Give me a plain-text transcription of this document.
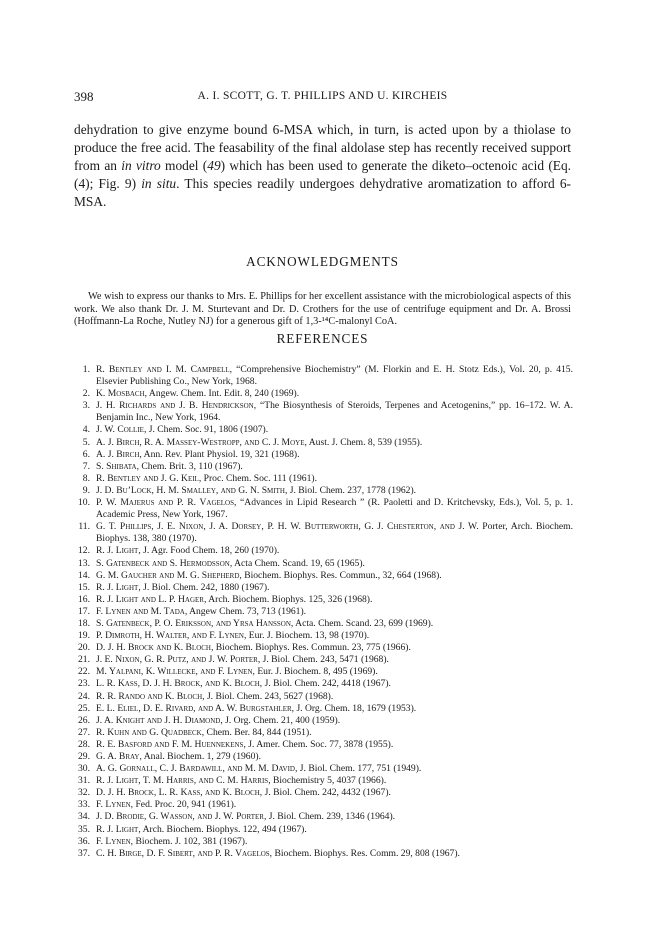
398	A. I. SCOTT, G. T. PHILLIPS AND U. KIRCHEIS

dehydration to give enzyme bound 6-MSA which, in turn, is acted upon by a thiolase to produce the free acid. The feasability of the final aldolase step has recently received support from an in vitro model (49) which has been used to generate the diketo–octenoic acid (Eq. (4); Fig. 9) in situ. This species readily undergoes dehydrative aromatization to afford 6-MSA.

ACKNOWLEDGMENTS

We wish to express our thanks to Mrs. E. Phillips for her excellent assistance with the microbiological aspects of this work. We also thank Dr. J. M. Sturtevant and Dr. D. Crothers for the use of centrifuge equipment and Dr. A. Brossi (Hoffmann-La Roche, Nutley NJ) for a generous gift of 1,3-¹⁴C-malonyl CoA.

REFERENCES
1. R. Bentley and I. M. Campbell, “Comprehensive Biochemistry” (M. Florkin and E. H. Stotz Eds.), Vol. 20, p. 415. Elsevier Publishing Co., New York, 1968.
2. K. Mosbach, Angew. Chem. Int. Edit. 8, 240 (1969).
3. J. H. Richards and J. B. Hendrickson, “The Biosynthesis of Steroids, Terpenes and Acetogenins,” pp. 16–172. W. A. Benjamin Inc., New York, 1964.
4. J. W. Collie, J. Chem. Soc. 91, 1806 (1907).
5. A. J. Birch, R. A. Massey-Westropp, and C. J. Moye, Aust. J. Chem. 8, 539 (1955).
6. A. J. Birch, Ann. Rev. Plant Physiol. 19, 321 (1968).
7. S. Shibata, Chem. Brit. 3, 110 (1967).
8. R. Bentley and J. G. Keil, Proc. Chem. Soc. 111 (1961).
9. J. D. Bu’Lock, H. M. Smalley, and G. N. Smith, J. Biol. Chem. 237, 1778 (1962).
10. P. W. Majerus and P. R. Vagelos, “Advances in Lipid Research ” (R. Paoletti and D. Kritchevsky, Eds.), Vol. 5, p. 1. Academic Press, New York, 1967.
11. G. T. Phillips, J. E. Nixon, J. A. Dorsey, P. H. W. Butterworth, G. J. Chesterton, and J. W. Porter, Arch. Biochem. Biophys. 138, 380 (1970).
12. R. J. Light, J. Agr. Food Chem. 18, 260 (1970).
13. S. Gatenbeck and S. Hermodsson, Acta Chem. Scand. 19, 65 (1965).
14. G. M. Gaucher and M. G. Shepherd, Biochem. Biophys. Res. Commun., 32, 664 (1968).
15. R. J. Light, J. Biol. Chem. 242, 1880 (1967).
16. R. J. Light and L. P. Hager, Arch. Biochem. Biophys. 125, 326 (1968).
17. F. Lynen and M. Tada, Angew Chem. 73, 713 (1961).
18. S. Gatenbeck, P. O. Eriksson, and Yrsa Hansson, Acta. Chem. Scand. 23, 699 (1969).
19. P. Dimroth, H. Walter, and F. Lynen, Eur. J. Biochem. 13, 98 (1970).
20. D. J. H. Brock and K. Bloch, Biochem. Biophys. Res. Commun. 23, 775 (1966).
21. J. E. Nixon, G. R. Putz, and J. W. Porter, J. Biol. Chem. 243, 5471 (1968).
22. M. Yalpani, K. Willecke, and F. Lynen, Eur. J. Biochem. 8, 495 (1969).
23. L. R. Kass, D. J. H. Brock, and K. Bloch, J. Biol. Chem. 242, 4418 (1967).
24. R. R. Rando and K. Bloch, J. Biol. Chem. 243, 5627 (1968).
25. E. L. Eliel, D. E. Rivard, and A. W. Burgstahler, J. Org. Chem. 18, 1679 (1953).
26. J. A. Knight and J. H. Diamond, J. Org. Chem. 21, 400 (1959).
27. R. Kuhn and G. Quadbeck, Chem. Ber. 84, 844 (1951).
28. R. E. Basford and F. M. Huennekens, J. Amer. Chem. Soc. 77, 3878 (1955).
29. G. A. Bray, Anal. Biochem. 1, 279 (1960).
30. A. G. Gornall, C. J. Bardawill, and M. M. David, J. Biol. Chem. 177, 751 (1949).
31. R. J. Light, T. M. Harris, and C. M. Harris, Biochemistry 5, 4037 (1966).
32. D. J. H. Brock, L. R. Kass, and K. Bloch, J. Biol. Chem. 242, 4432 (1967).
33. F. Lynen, Fed. Proc. 20, 941 (1961).
34. J. D. Brodie, G. Wasson, and J. W. Porter, J. Biol. Chem. 239, 1346 (1964).
35. R. J. Light, Arch. Biochem. Biophys. 122, 494 (1967).
36. F. Lynen, Biochem. J. 102, 381 (1967).
37. C. H. Birge, D. F. Sibert, and P. R. Vagelos, Biochem. Biophys. Res. Comm. 29, 808 (1967).
